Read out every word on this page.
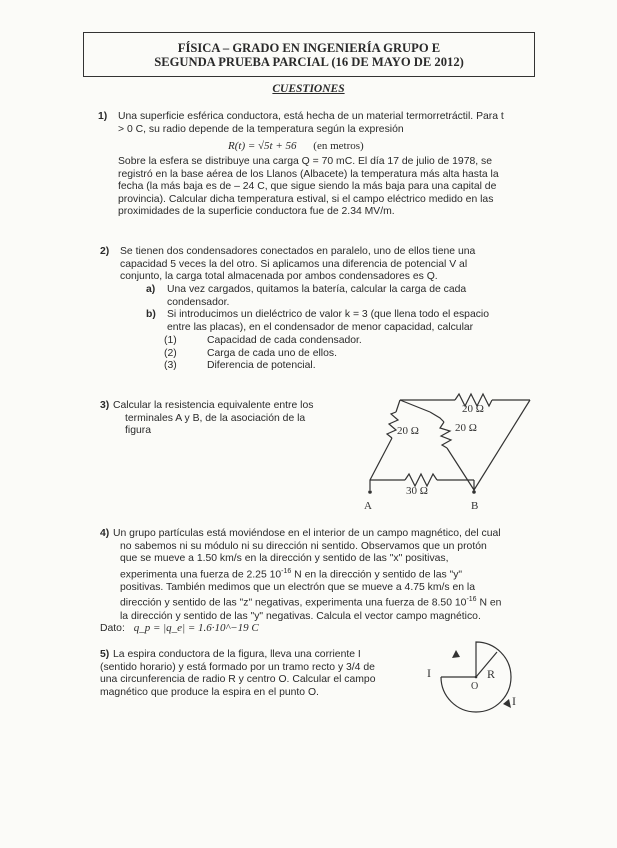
FÍSICA – GRADO EN INGENIERÍA GRUPO E
SEGUNDA PRUEBA PARCIAL (16 DE MAYO DE 2012)
CUESTIONES
1) Una superficie esférica conductora, está hecha de un material termorretráctil. Para t
> 0 C, su radio depende de la temperatura según la expresión
R(t) = √5t + 56 (en metros)
Sobre la esfera se distribuye una carga Q = 70 mC. El día 17 de julio de 1978, se
registró en la base aérea de los Llanos (Albacete) la temperatura más alta hasta la
fecha (la más baja es de – 24 C, que sigue siendo la más baja para una capital de
provincia). Calcular dicha temperatura estival, si el campo eléctrico medido en las
proximidades de la superficie conductora fue de 2.34 MV/m.
2) Se tienen dos condensadores conectados en paralelo, uno de ellos tiene una
capacidad 5 veces la del otro. Si aplicamos una diferencia de potencial V al
conjunto, la carga total almacenada por ambos condensadores es Q.
a) Una vez cargados, quitamos la batería, calcular la carga de cada
condensador.
b) Si introducimos un dieléctrico de valor k = 3 (que llena todo el espacio
entre las placas), en el condensador de menor capacidad, calcular
(1)	Capacidad de cada condensador.
(2)	Carga de cada uno de ellos.
(3)	Diferencia de potencial.
3) Calcular la resistencia equivalente entre los
terminales A y B, de la asociación de la
figura
20 Ω
20 Ω	20 Ω
30 Ω
A	B
I	R
O
I
4) Un grupo partículas está moviéndose en el interior de un campo magnético, del cual
no sabemos ni su módulo ni su dirección ni sentido. Observamos que un protón
que se mueve a 1.50 km/s en la dirección y sentido de las "x" positivas,
experimenta una fuerza de 2.25 $10^{-16}$ N en la dirección y sentido de las "y"
positivas. También medimos que un electrón que se mueve a 4.75 km/s en la
dirección y sentido de las "z" negativas, experimenta una fuerza de 8.50 $10^{-16}$ N en
la dirección y sentido de las "y" negativas. Calcula el vector campo magnético.
Dato: q_p = |q_e| = 1.6·10^−19 C
5) La espira conductora de la figura, lleva una corriente I
(sentido horario) y está formado por un tramo recto y 3/4 de
una circunferencia de radio R y centro O. Calcular el campo
magnético que produce la espira en el punto O.
